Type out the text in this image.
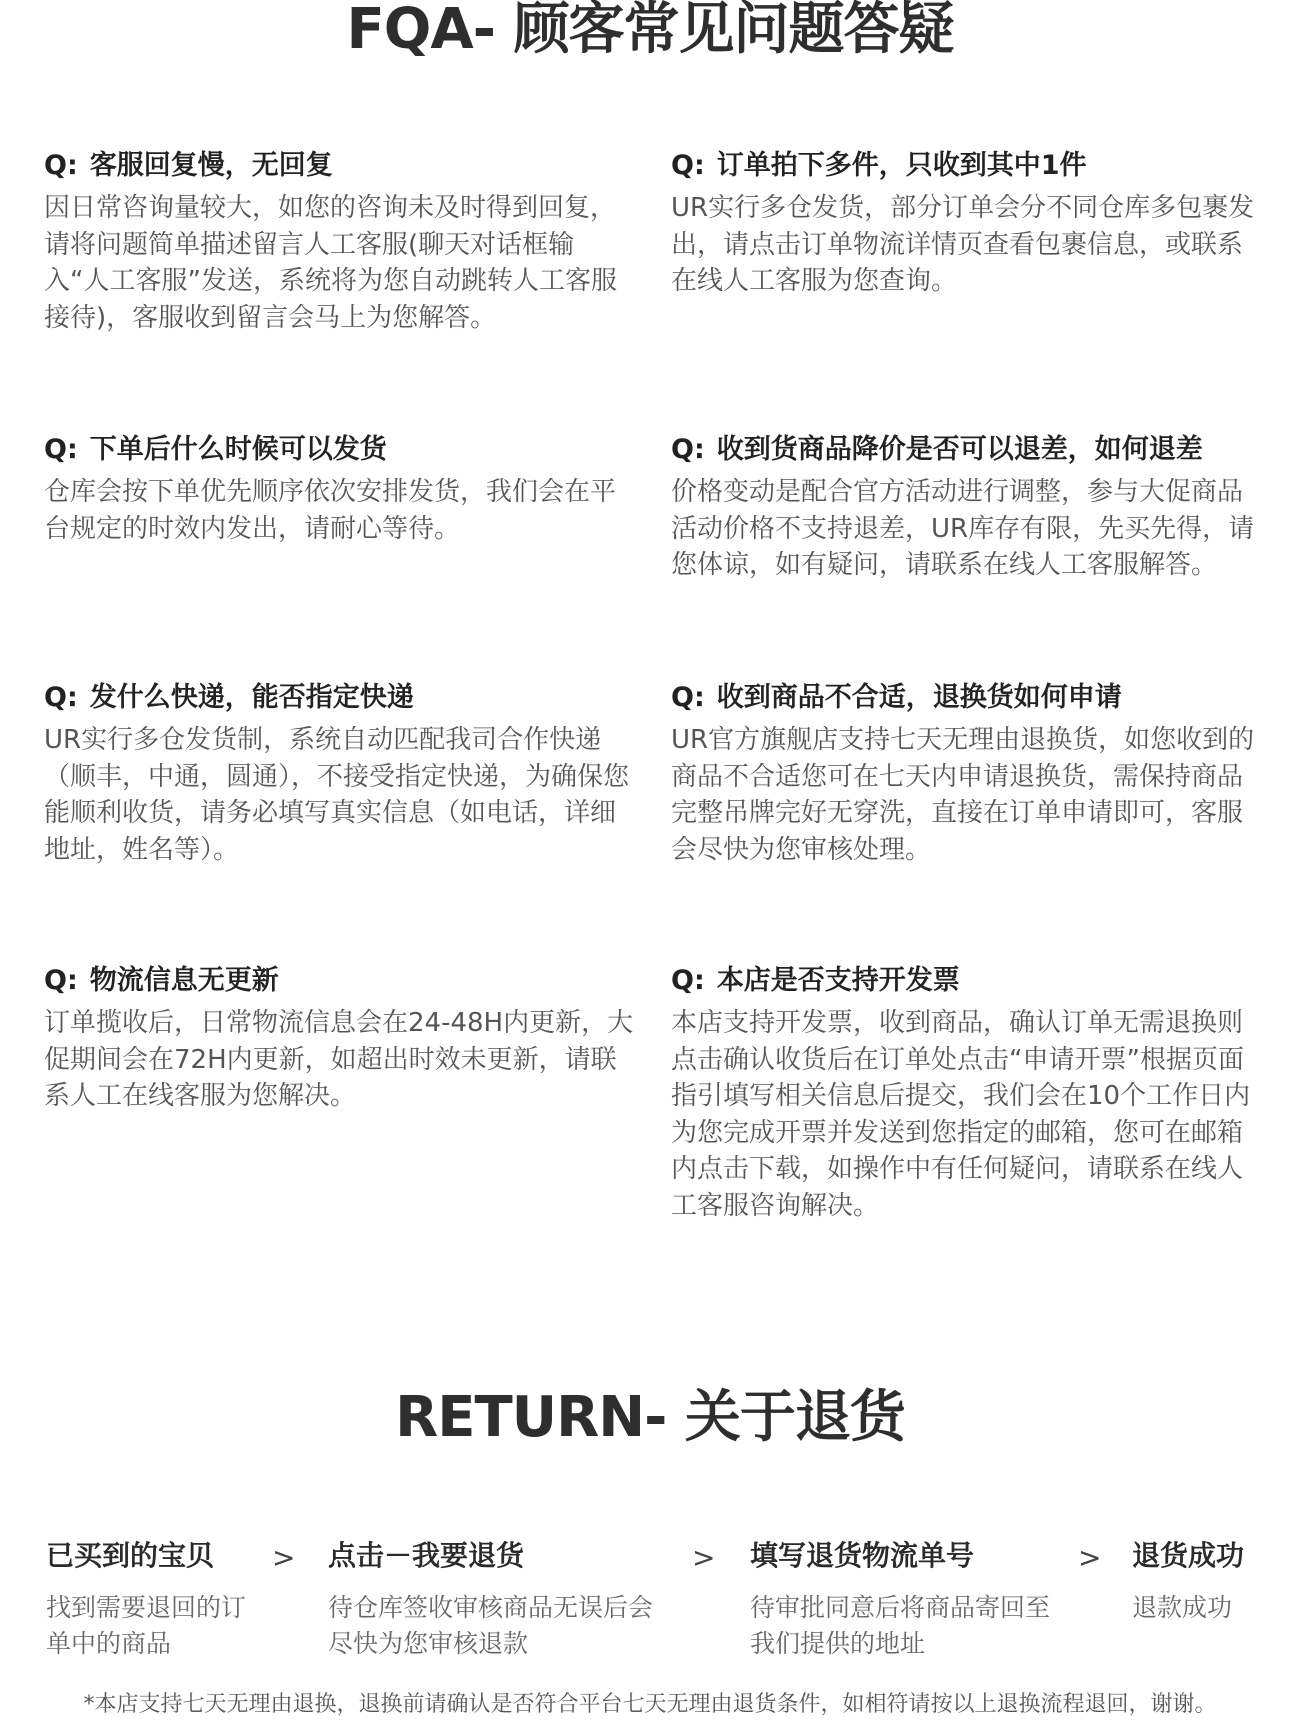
FQA- 顾客常见问题答疑

Q: 客服回复慢，无回复

因日常咨询量较大，如您的咨询未及时得到回复，请将问题简单描述留言人工客服(聊天对话框输入“人工客服”发送，系统将为您自动跳转人工客服接待)，客服收到留言会马上为您解答。

Q: 订单拍下多件，只收到其中1件

UR实行多仓发货，部分订单会分不同仓库多包裹发出，请点击订单物流详情页查看包裹信息，或联系在线人工客服为您查询。

Q: 下单后什么时候可以发货

仓库会按下单优先顺序依次安排发货，我们会在平台规定的时效内发出，请耐心等待。

Q: 收到货商品降价是否可以退差，如何退差

价格变动是配合官方活动进行调整，参与大促商品活动价格不支持退差，UR库存有限，先买先得，请您体谅，如有疑问，请联系在线人工客服解答。

Q: 发什么快递，能否指定快递

UR实行多仓发货制，系统自动匹配我司合作快递（顺丰，中通，圆通），不接受指定快递，为确保您能顺利收货，请务必填写真实信息（如电话，详细地址，姓名等）。

Q: 收到商品不合适，退换货如何申请

UR官方旗舰店支持七天无理由退换货，如您收到的商品不合适您可在七天内申请退换货，需保持商品完整吊牌完好无穿洗，直接在订单申请即可，客服会尽快为您审核处理。

Q: 物流信息无更新

订单揽收后，日常物流信息会在24-48H内更新，大促期间会在72H内更新，如超出时效未更新，请联系人工在线客服为您解决。

Q: 本店是否支持开发票

本店支持开发票，收到商品，确认订单无需退换则点击确认收货后在订单处点击“申请开票”根据页面指引填写相关信息后提交，我们会在10个工作日内为您完成开票并发送到您指定的邮箱，您可在邮箱内点击下载，如操作中有任何疑问，请联系在线人工客服咨询解决。

RETURN- 关于退货

已买到的宝贝

找到需要退回的订单中的商品

> 点击－我要退货

待仓库签收审核商品无误后会尽快为您审核退款

> 填写退货物流单号

待审批同意后将商品寄回至我们提供的地址

> 退货成功

退款成功

*本店支持七天无理由退换，退换前请确认是否符合平台七天无理由退货条件，如相符请按以上退换流程退回，谢谢。
